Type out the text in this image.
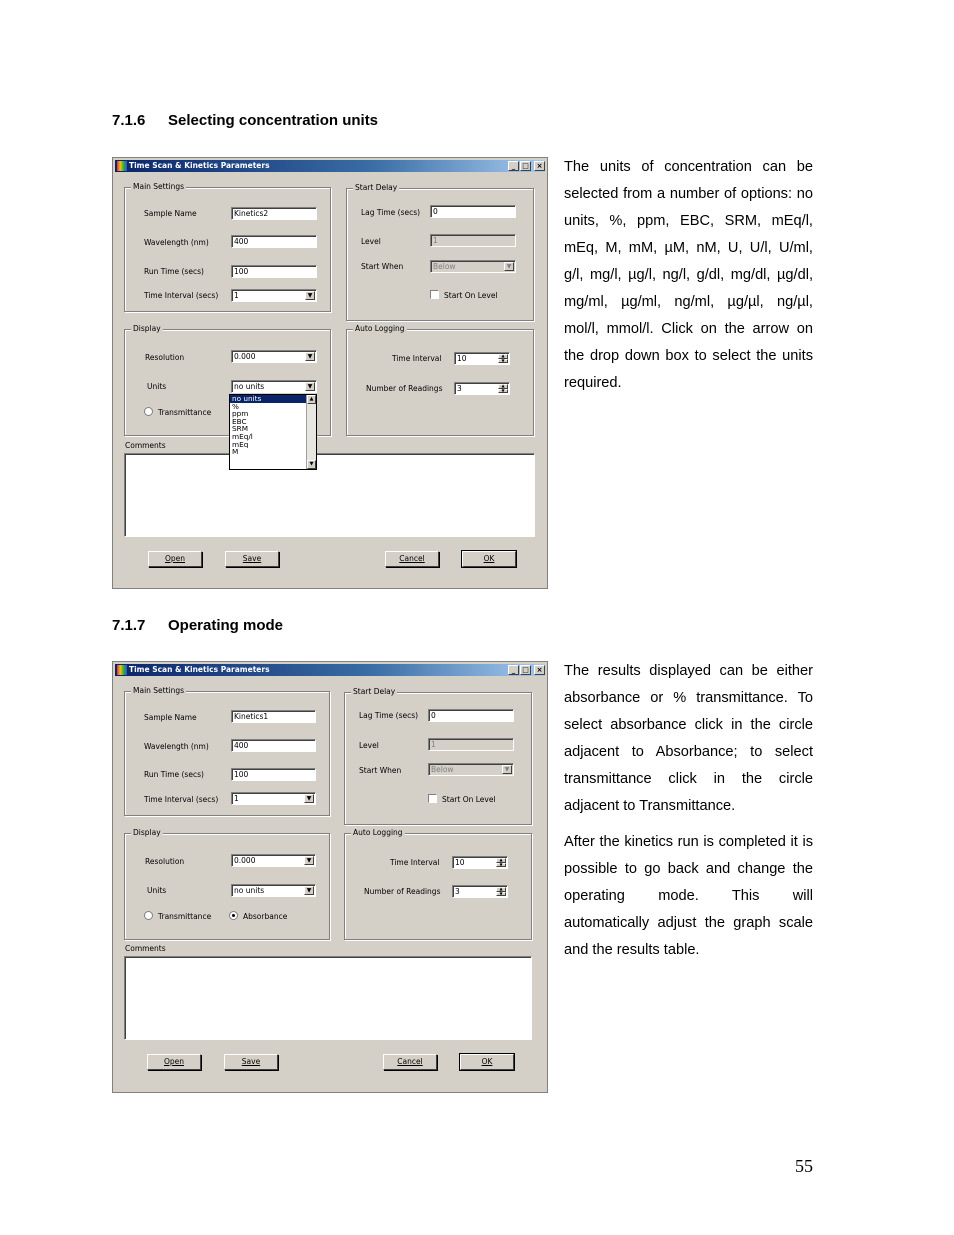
7.1.6 Selecting concentration units
Time Scan & Kinetics Parameters	_ □	×
Main Settings
Sample Name	Kinetics2
Wavelength (nm)	400
Run Time (secs)	100
Time Interval (secs)	1	▼
Start Delay
Lag Time (secs)	0
Level	1
Start When	Below	▼
Start On Level
Display
Resolution	0.000	▼
Units	no units	▼
Transmittance
Auto Logging
Time Interval	10	▲
▼
Number of Readings	3	▲
▼
Comments
no units
%
ppm
EBC
SRM
mEq/l
mEq
M
▲
▼
Open	Save	Cancel	OK

The units of concentration can be selected from a number of options: no units, %, ppm, EBC, SRM, mEq/l, mEq, M, mM, µM, nM, U, U/l, U/ml, g/l, mg/l, µg/l, ng/l, g/dl, mg/dl, µg/dl, mg/ml, µg/ml, ng/ml, µg/µl, ng/µl, mol/l, mmol/l. Click on the arrow on the drop down box to select the units required.

7.1.7 Operating mode
Time Scan & Kinetics Parameters	_ □	×
Main Settings
Sample Name	Kinetics1
Wavelength (nm)	400
Run Time (secs)	100
Time Interval (secs)	1	▼
Start Delay
Lag Time (secs)	0
Level	1
Start When	Below	▼
Start On Level
Display
Resolution	0.000	▼
Units	no units	▼
Transmittance	Absorbance
Auto Logging
Time Interval	10	▲
▼
Number of Readings	3	▲
▼
Comments
Open	Save	Cancel	OK

The results displayed can be either absorbance or % transmittance. To select absorbance click in the circle adjacent to Absorbance; to select transmittance click in the circle adjacent to Transmittance.

After the kinetics run is completed it is possible to go back and change the operating mode. This will automatically adjust the graph scale and the results table.

55
